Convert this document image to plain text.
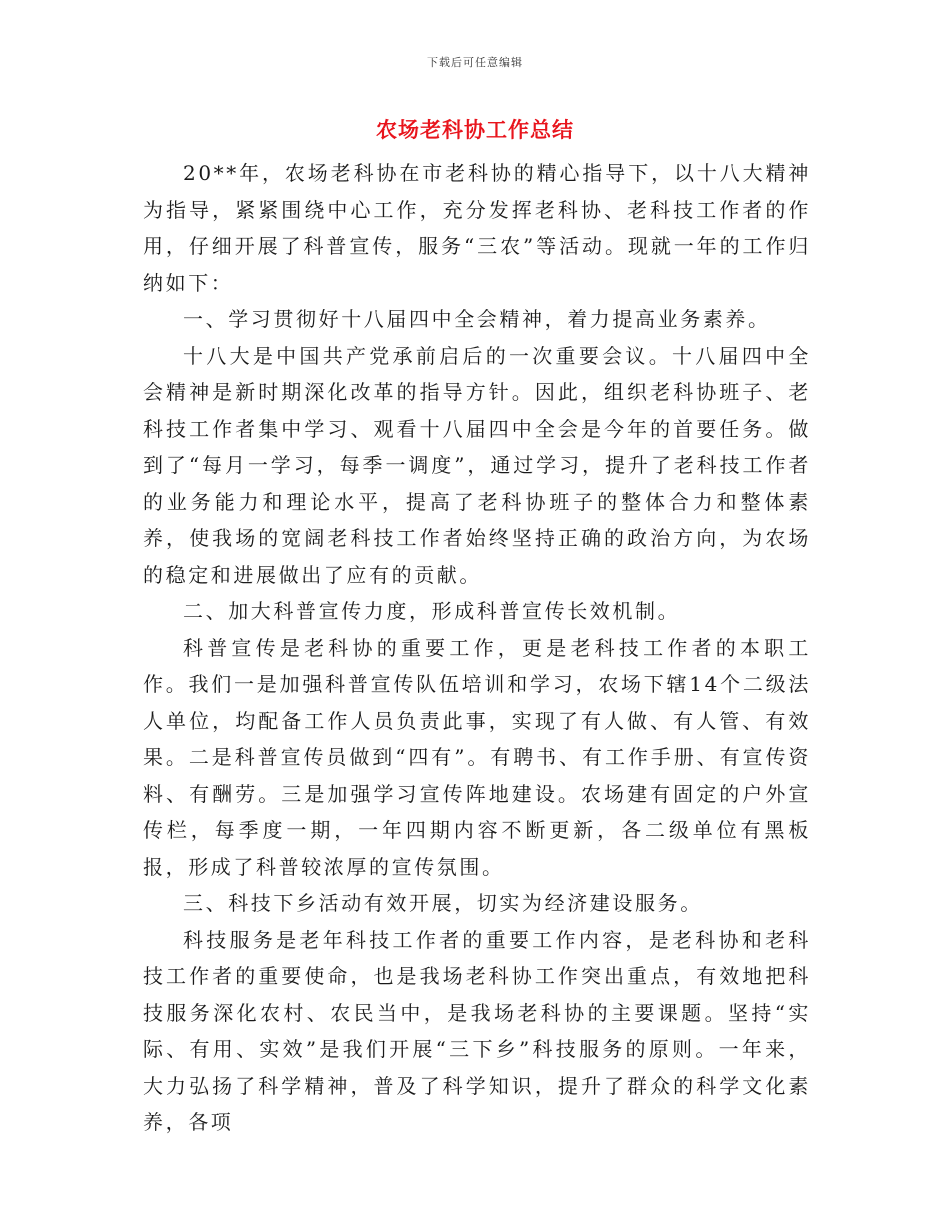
下载后可任意编辑
农场老科协工作总结

20**年，农场老科协在市老科协的精心指导下，以十八大精神为指导，紧紧围绕中心工作，充分发挥老科协、老科技工作者的作用，仔细开展了科普宣传，服务“三农”等活动。现就一年的工作归纳如下：

一、学习贯彻好十八届四中全会精神，着力提高业务素养。

十八大是中国共产党承前启后的一次重要会议。十八届四中全会精神是新时期深化改革的指导方针。因此，组织老科协班子、老科技工作者集中学习、观看十八届四中全会是今年的首要任务。做到了“每月一学习，每季一调度”，通过学习，提升了老科技工作者的业务能力和理论水平，提高了老科协班子的整体合力和整体素养，使我场的宽阔老科技工作者始终坚持正确的政治方向，为农场的稳定和进展做出了应有的贡献。

二、加大科普宣传力度，形成科普宣传长效机制。

科普宣传是老科协的重要工作，更是老科技工作者的本职工作。我们一是加强科普宣传队伍培训和学习，农场下辖14个二级法人单位，均配备工作人员负责此事，实现了有人做、有人管、有效果。二是科普宣传员做到“四有”。有聘书、有工作手册、有宣传资料、有酬劳。三是加强学习宣传阵地建设。农场建有固定的户外宣传栏，每季度一期，一年四期内容不断更新，各二级单位有黑板报，形成了科普较浓厚的宣传氛围。

三、科技下乡活动有效开展，切实为经济建设服务。

科技服务是老年科技工作者的重要工作内容，是老科协和老科技工作者的重要使命，也是我场老科协工作突出重点，有效地把科技服务深化农村、农民当中，是我场老科协的主要课题。坚持“实际、有用、实效”是我们开展“三下乡”科技服务的原则。一年来，大力弘扬了科学精神，普及了科学知识，提升了群众的科学文化素养，各项
